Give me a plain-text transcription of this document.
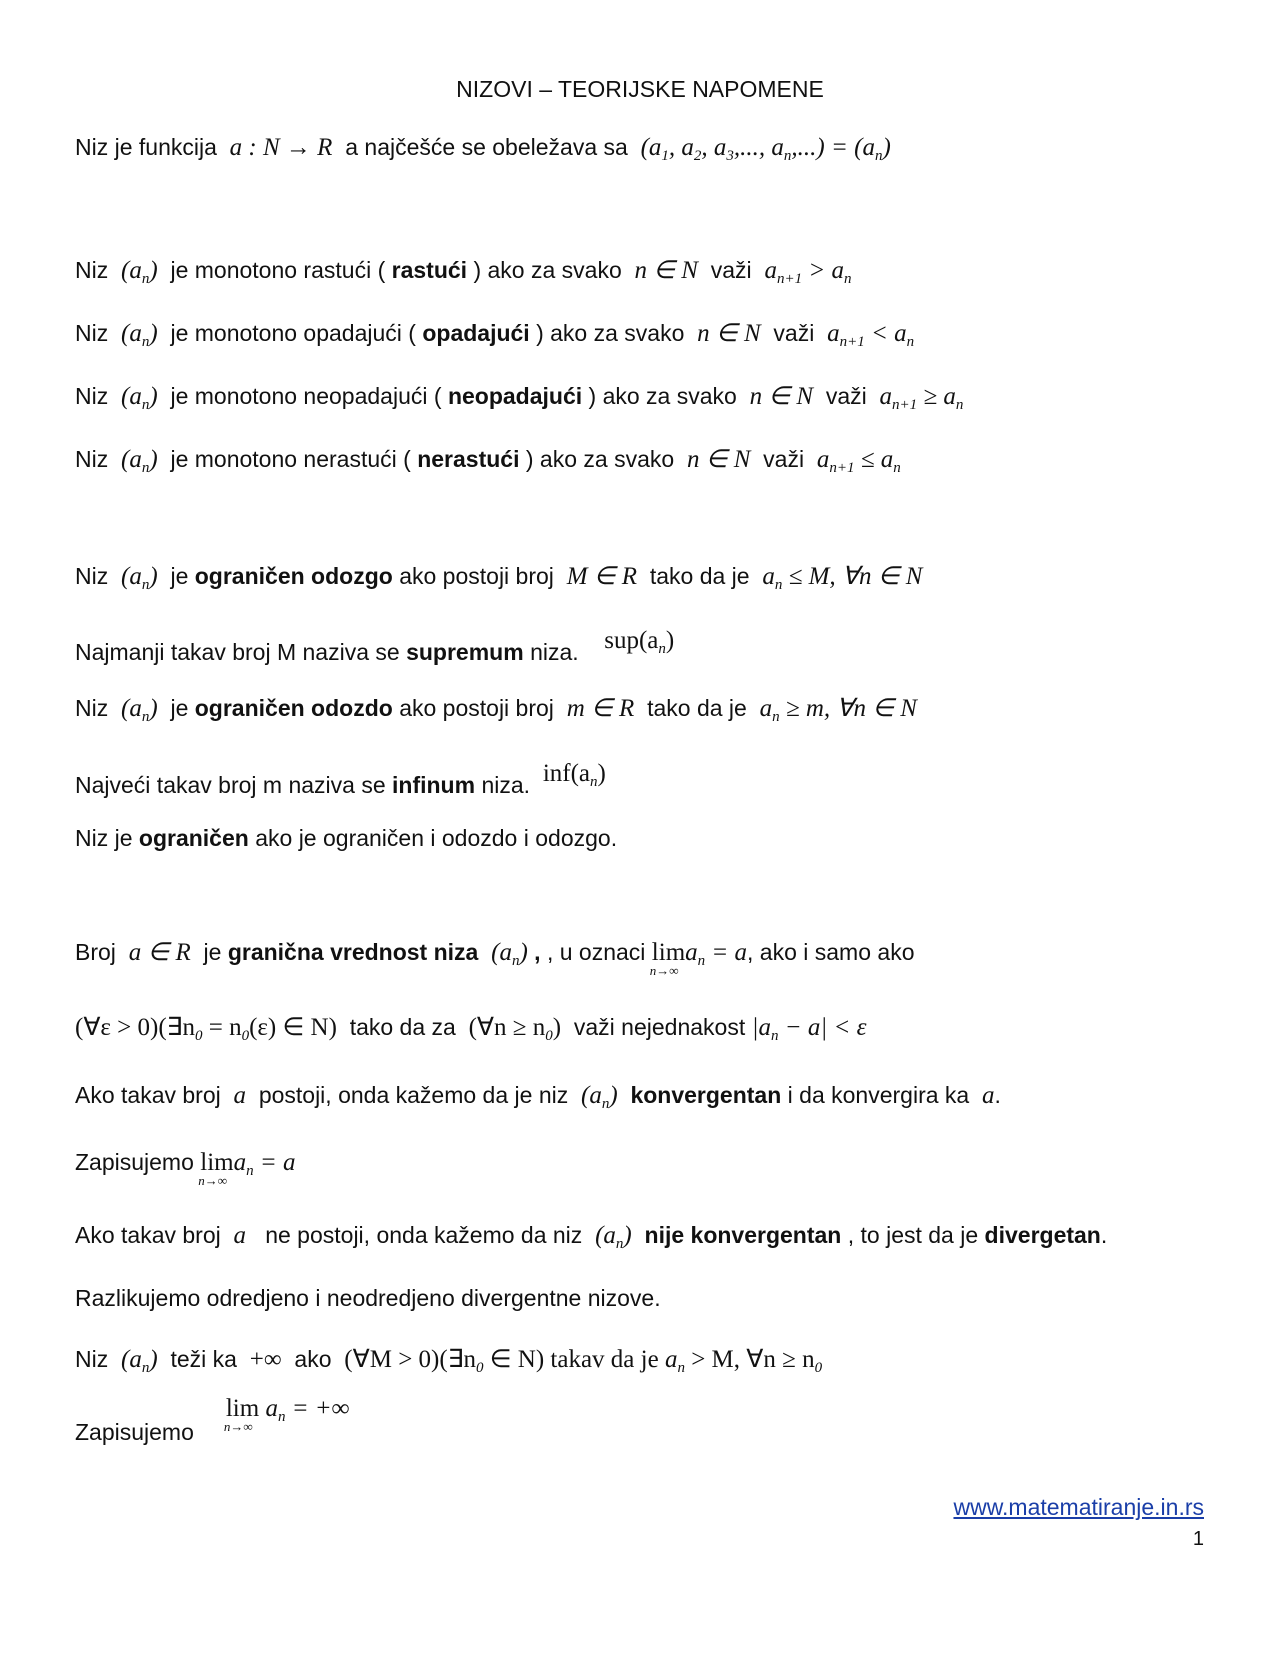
NIZOVI – TEORIJSKE NAPOMENE
Niz je funkcija a : N → R a najčešće se obeležava sa ($a_1$, $a_2$, $a_3$,..., $a_n,...) = (a_n)$
Niz $(a_n)$ je monotono rastući ( rastući ) ako za svako n ∈ N važi $a_{n+1} > a_n$
Niz $(a_n)$ je monotono opadajući ( opadajući ) ako za svako n ∈ N važi $a_{n+1} < a_n$
Niz $(a_n)$ je monotono neopadajući ( neopadajući ) ako za svako n ∈ N važi $a_{n+1} \ge a_n$
Niz $(a_n)$ je monotono nerastući ( nerastući ) ako za svako n ∈ N važi $a_{n+1} \le a_n$
Niz $(a_n)$ je ograničen odozgo ako postoji broj M ∈ R tako da je $a_n \le M$, ∀n ∈ N
Najmanji takav broj M naziva se supremum niza. $sup(a_n)$
Niz $(a_n)$ je ograničen odozdo ako postoji broj m ∈ R tako da je $a_n \ge m$, ∀n ∈ N
Najveći takav broj m naziva se infinum niza. $inf(a_n)$
Niz je ograničen ako je ograničen i odozdo i odozgo.
Broj a ∈ R je granična vrednost niza $(a_n)$ , , u oznaci lim
n→∞
$a_n = a$, ako i samo ako
(∀ε > $0)(\exists n_0 = n_0(\varepsilon)$ ∈ N) tako da za (∀n ≥ $n_0$) važi nejednakost $|a_n - a| < \varepsilon$
Ako takav broj a postoji, onda kažemo da je niz $(a_n)$ konvergentan i da konvergira ka a.
Zapisujemo lim
n→∞
$a_n = a$
Ako takav broj a ne postoji, onda kažemo da niz $(a_n)$ nije konvergentan , to jest da je divergetan.
Razlikujemo odredjeno i neodredjeno divergentne nizove.
Niz $(a_n)$ teži ka +∞ ako (∀M > $0)(\exists n_0$ ∈ N) takav da je $a_n > M$, ∀n ≥ $n_0$
Zapisujemo     lim
n→∞
$a_n$ = +∞
www.matematiranje.in.rs
1
